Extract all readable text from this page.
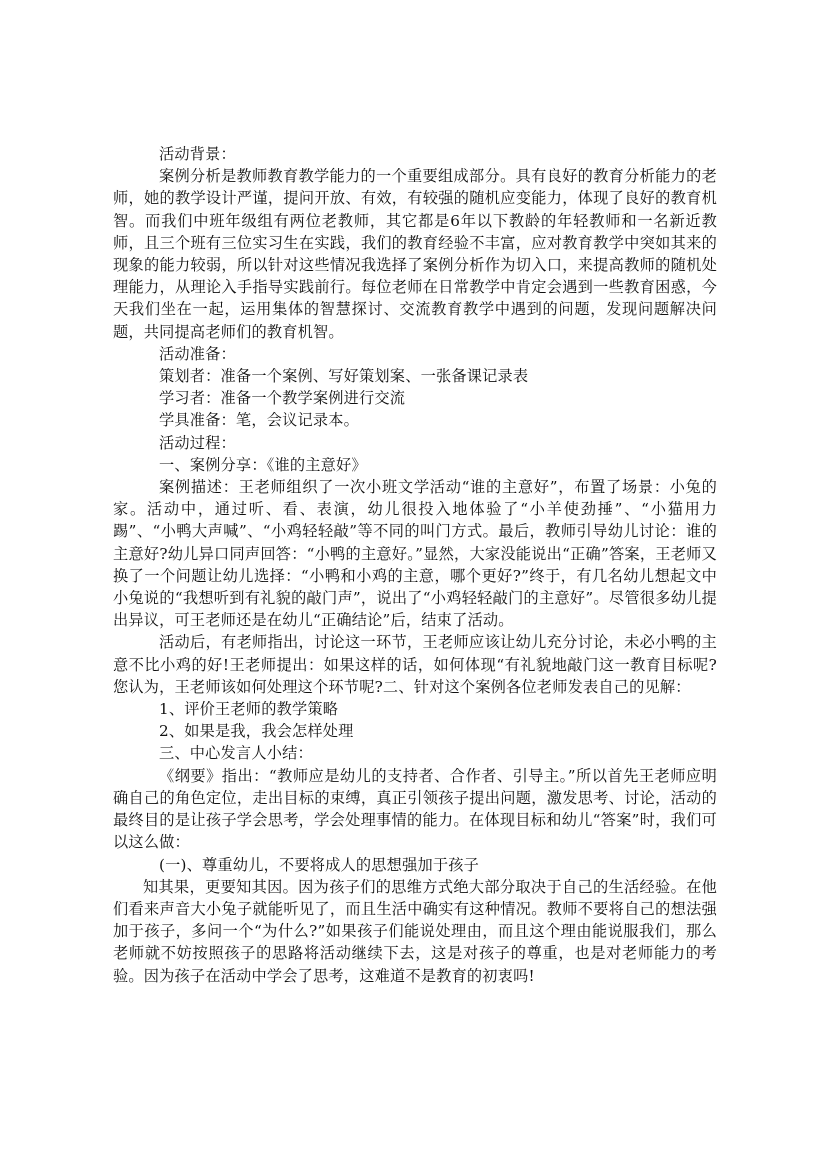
活动背景：

案例分析是教师教育教学能力的一个重要组成部分。具有良好的教育分析能力的老师，她的教学设计严谨，提问开放、有效，有较强的随机应变能力，体现了良好的教育机智。而我们中班年级组有两位老教师，其它都是6年以下教龄的年轻教师和一名新近教师，且三个班有三位实习生在实践，我们的教育经验不丰富，应对教育教学中突如其来的现象的能力较弱，所以针对这些情况我选择了案例分析作为切入口，来提高教师的随机处理能力，从理论入手指导实践前行。每位老师在日常教学中肯定会遇到一些教育困惑，今天我们坐在一起，运用集体的智慧探讨、交流教育教学中遇到的问题，发现问题解决问题，共同提高老师们的教育机智。

活动准备：

策划者：准备一个案例、写好策划案、一张备课记录表

学习者：准备一个教学案例进行交流

学具准备：笔，会议记录本。

活动过程：

一、案例分享：《谁的主意好》

案例描述：王老师组织了一次小班文学活动“谁的主意好”，布置了场景：小兔的家。活动中，通过听、看、表演，幼儿很投入地体验了“小羊使劲捶”、“小猫用力踢”、“小鸭大声喊”、“小鸡轻轻敲”等不同的叫门方式。最后，教师引导幼儿讨论：谁的主意好?幼儿异口同声回答：“小鸭的主意好。”显然，大家没能说出“正确”答案，王老师又换了一个问题让幼儿选择：“小鸭和小鸡的主意，哪个更好?”终于，有几名幼儿想起文中小兔说的“我想听到有礼貌的敲门声”，说出了“小鸡轻轻敲门的主意好”。尽管很多幼儿提出异议，可王老师还是在幼儿“正确结论”后，结束了活动。

活动后，有老师指出，讨论这一环节，王老师应该让幼儿充分讨论，未必小鸭的主意不比小鸡的好!王老师提出：如果这样的话，如何体现“有礼貌地敲门这一教育目标呢?您认为，王老师该如何处理这个环节呢?二、针对这个案例各位老师发表自己的见解：

1、评价王老师的教学策略

2、如果是我，我会怎样处理

三、中心发言人小结：

《纲要》指出：“教师应是幼儿的支持者、合作者、引导主。”所以首先王老师应明确自己的角色定位，走出目标的束缚，真正引领孩子提出问题，激发思考、讨论，活动的最终目的是让孩子学会思考，学会处理事情的能力。在体现目标和幼儿“答案”时，我们可以这么做：

(一)、尊重幼儿，不要将成人的思想强加于孩子

知其果，更要知其因。因为孩子们的思维方式绝大部分取决于自己的生活经验。在他们看来声音大小兔子就能听见了，而且生活中确实有这种情况。教师不要将自己的想法强加于孩子，多问一个“为什么?”如果孩子们能说处理由，而且这个理由能说服我们，那么老师就不妨按照孩子的思路将活动继续下去，这是对孩子的尊重，也是对老师能力的考验。因为孩子在活动中学会了思考，这难道不是教育的初衷吗!
